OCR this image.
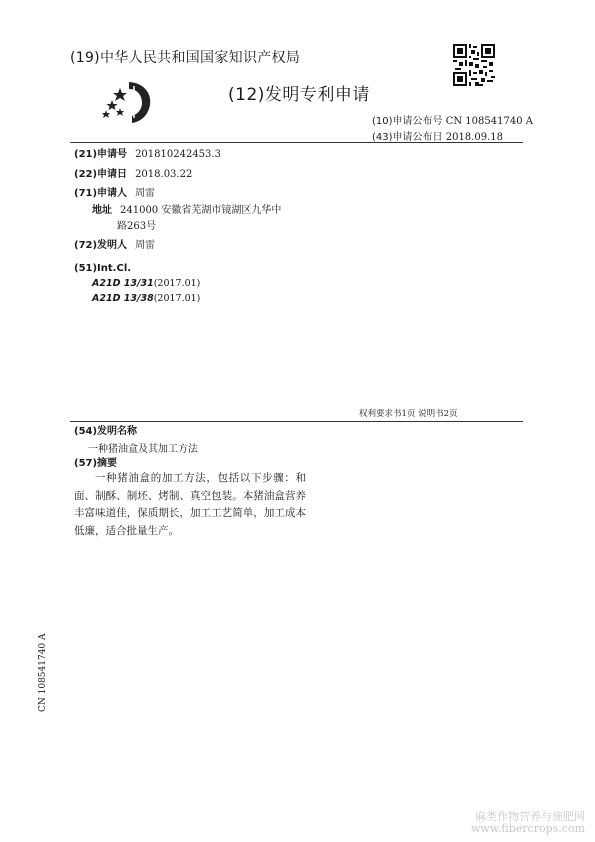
(19)中华人民共和国国家知识产权局
(12)发明专利申请
(10)申请公布号 CN 108541740 A
(43)申请公布日 2018.09.18
(21)申请号 201810242453.3
(22)申请日 2018.03.22
(71)申请人 周雷
地址 241000 安徽省芜湖市镜湖区九华中
路263号
(72)发明人 周雷
(51)Int.Cl.
A21D 13/31(2017.01)
A21D 13/38(2017.01)
权利要求书1页 说明书2页
(54)发明名称
一种猪油盒及其加工方法
(57)摘要
一种猪油盒的加工方法，包括以下步骤：和面、制酥、制坯、烤制、真空包装。本猪油盒营养丰富味道佳，保质期长，加工工艺简单，加工成本低廉，适合批量生产。
CN 108541740 A
麻类作物营养与施肥网
www.fibercrops.com
